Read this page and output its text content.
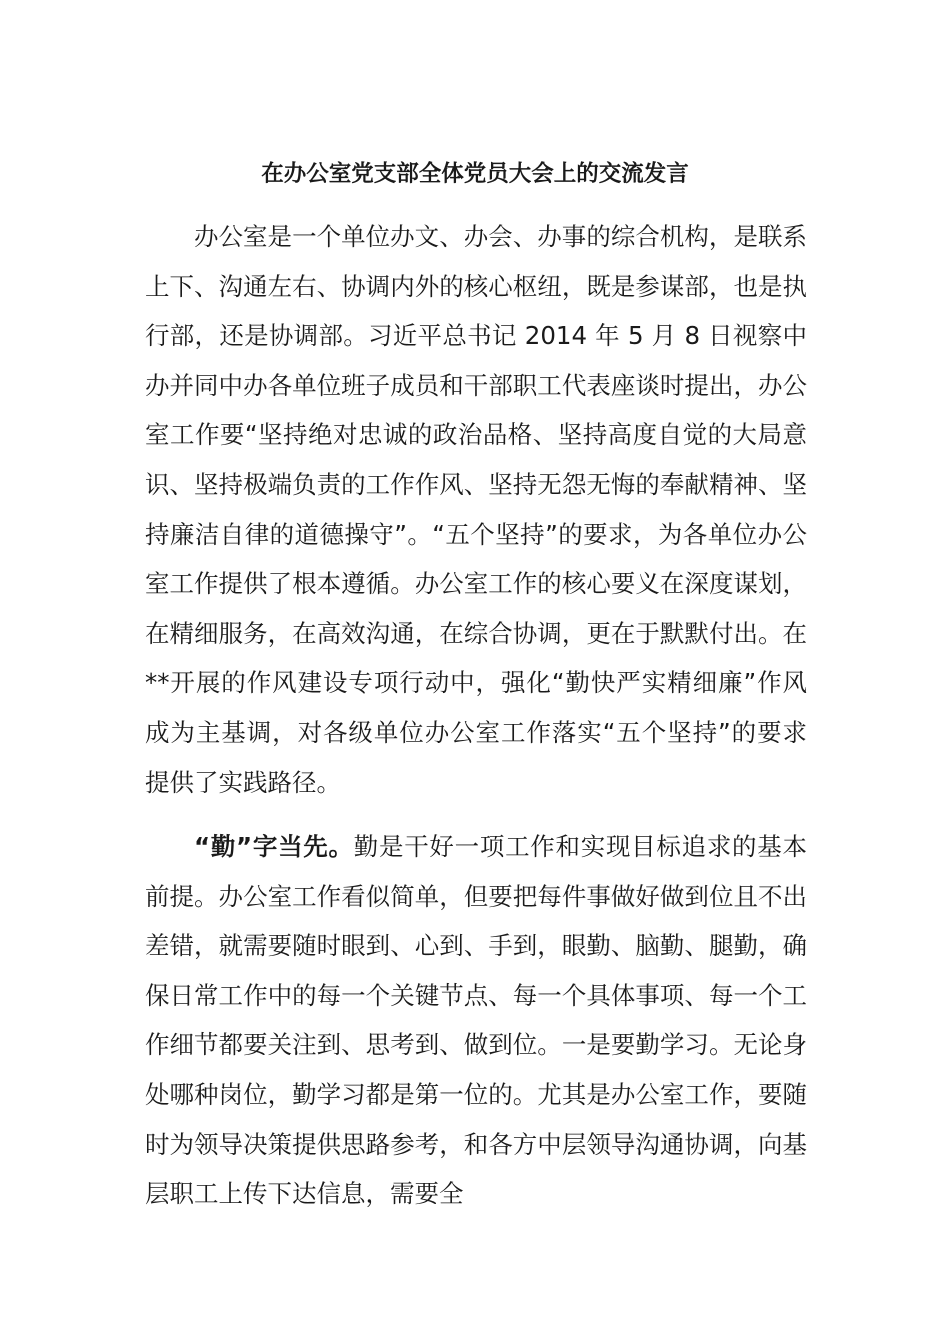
在办公室党支部全体党员大会上的交流发言

办公室是一个单位办文、办会、办事的综合机构，是联系上下、沟通左右、协调内外的核心枢纽，既是参谋部，也是执行部，还是协调部。习近平总书记 2014 年 5 月 8 日视察中办并同中办各单位班子成员和干部职工代表座谈时提出，办公室工作要“坚持绝对忠诚的政治品格、坚持高度自觉的大局意识、坚持极端负责的工作作风、坚持无怨无悔的奉献精神、坚持廉洁自律的道德操守”。“五个坚持”的要求，为各单位办公室工作提供了根本遵循。办公室工作的核心要义在深度谋划，在精细服务，在高效沟通，在综合协调，更在于默默付出。在**开展的作风建设专项行动中，强化“勤快严实精细廉”作风成为主基调，对各级单位办公室工作落实“五个坚持”的要求提供了实践路径。

“勤”字当先。勤是干好一项工作和实现目标追求的基本前提。办公室工作看似简单，但要把每件事做好做到位且不出差错，就需要随时眼到、心到、手到，眼勤、脑勤、腿勤，确保日常工作中的每一个关键节点、每一个具体事项、每一个工作细节都要关注到、思考到、做到位。一是要勤学习。无论身处哪种岗位，勤学习都是第一位的。尤其是办公室工作，要随时为领导决策提供思路参考，和各方中层领导沟通协调，向基层职工上传下达信息，需要全
